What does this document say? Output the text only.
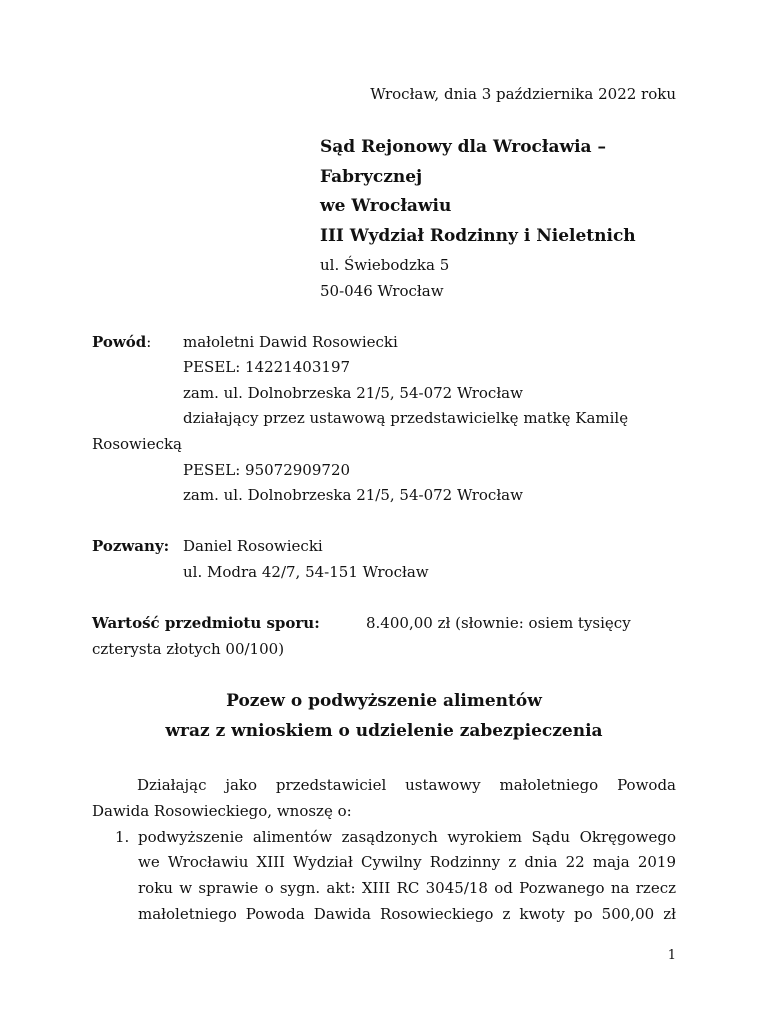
Wrocław, dnia 3 października 2022 roku
Sąd Rejonowy dla Wrocławia –
Fabrycznej
we Wrocławiu
III Wydział Rodzinny i Nieletnich
ul. Świebodzka 5
50-046 Wrocław
Powód: małoletni Dawid Rosowiecki
PESEL: 14221403197
zam. ul. Dolnobrzeska 21/5, 54-072 Wrocław
działający przez ustawową przedstawicielkę matkę Kamilę
Rosowiecką
PESEL: 95072909720
zam. ul. Dolnobrzeska 21/5, 54-072 Wrocław
Pozwany: Daniel Rosowiecki
ul. Modra 42/7, 54-151 Wrocław
Wartość przedmiotu sporu:	8.400,00 zł (słownie: osiem tysięcy
czterysta złotych 00/100)
Pozew o podwyższenie alimentów
wraz z wnioskiem o udzielenie zabezpieczenia
Działając jako przedstawiciel ustawowy małoletniego Powoda
Dawida Rosowieckiego, wnoszę o:
1. podwyższenie alimentów zasądzonych wyrokiem Sądu Okręgowego
we Wrocławiu XIII Wydział Cywilny Rodzinny z dnia 22 maja 2019
roku w sprawie o sygn. akt: XIII RC 3045/18 od Pozwanego na rzecz
małoletniego Powoda Dawida Rosowieckiego z kwoty po 500,00 zł
1
